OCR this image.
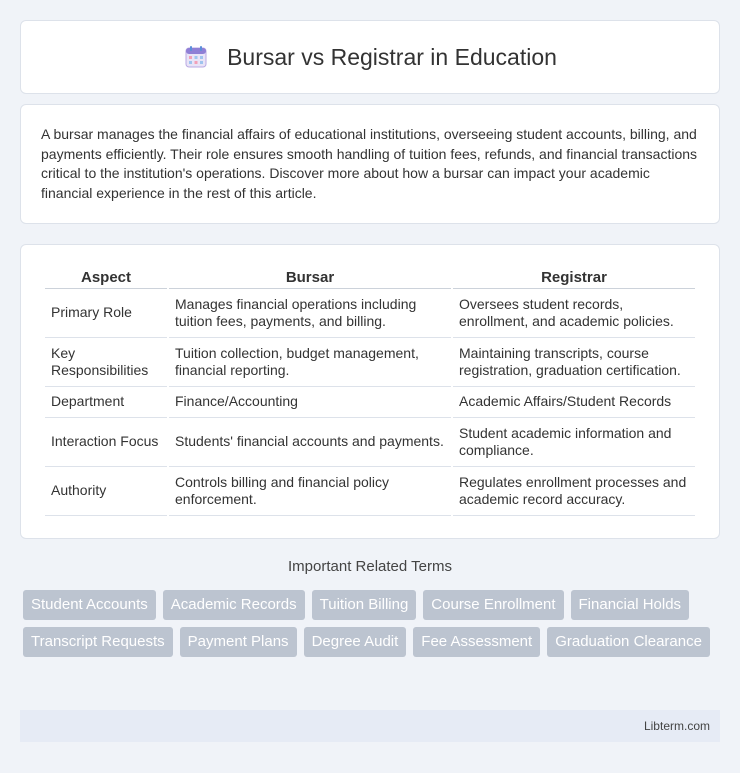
Bursar vs Registrar in Education

A bursar manages the financial affairs of educational institutions, overseeing student accounts, billing, and payments efficiently. Their role ensures smooth handling of tuition fees, refunds, and financial transactions critical to the institution's operations. Discover more about how a bursar can impact your academic financial experience in the rest of this article.

Aspect	Bursar	Registrar
Primary Role	Manages financial operations including tuition fees, payments, and billing.	Oversees student records, enrollment, and academic policies.
Key Responsibilities	Tuition collection, budget management, financial reporting.	Maintaining transcripts, course registration, graduation certification.
Department	Finance/Accounting	Academic Affairs/Student Records
Interaction Focus	Students' financial accounts and payments.	Student academic information and compliance.
Authority	Controls billing and financial policy enforcement.	Regulates enrollment processes and academic record accuracy.
Important Related Terms
Student Accounts	Academic Records	Tuition Billing	Course Enrollment	Financial Holds
Transcript Requests	Payment Plans	Degree Audit	Fee Assessment	Graduation Clearance
Libterm.com
